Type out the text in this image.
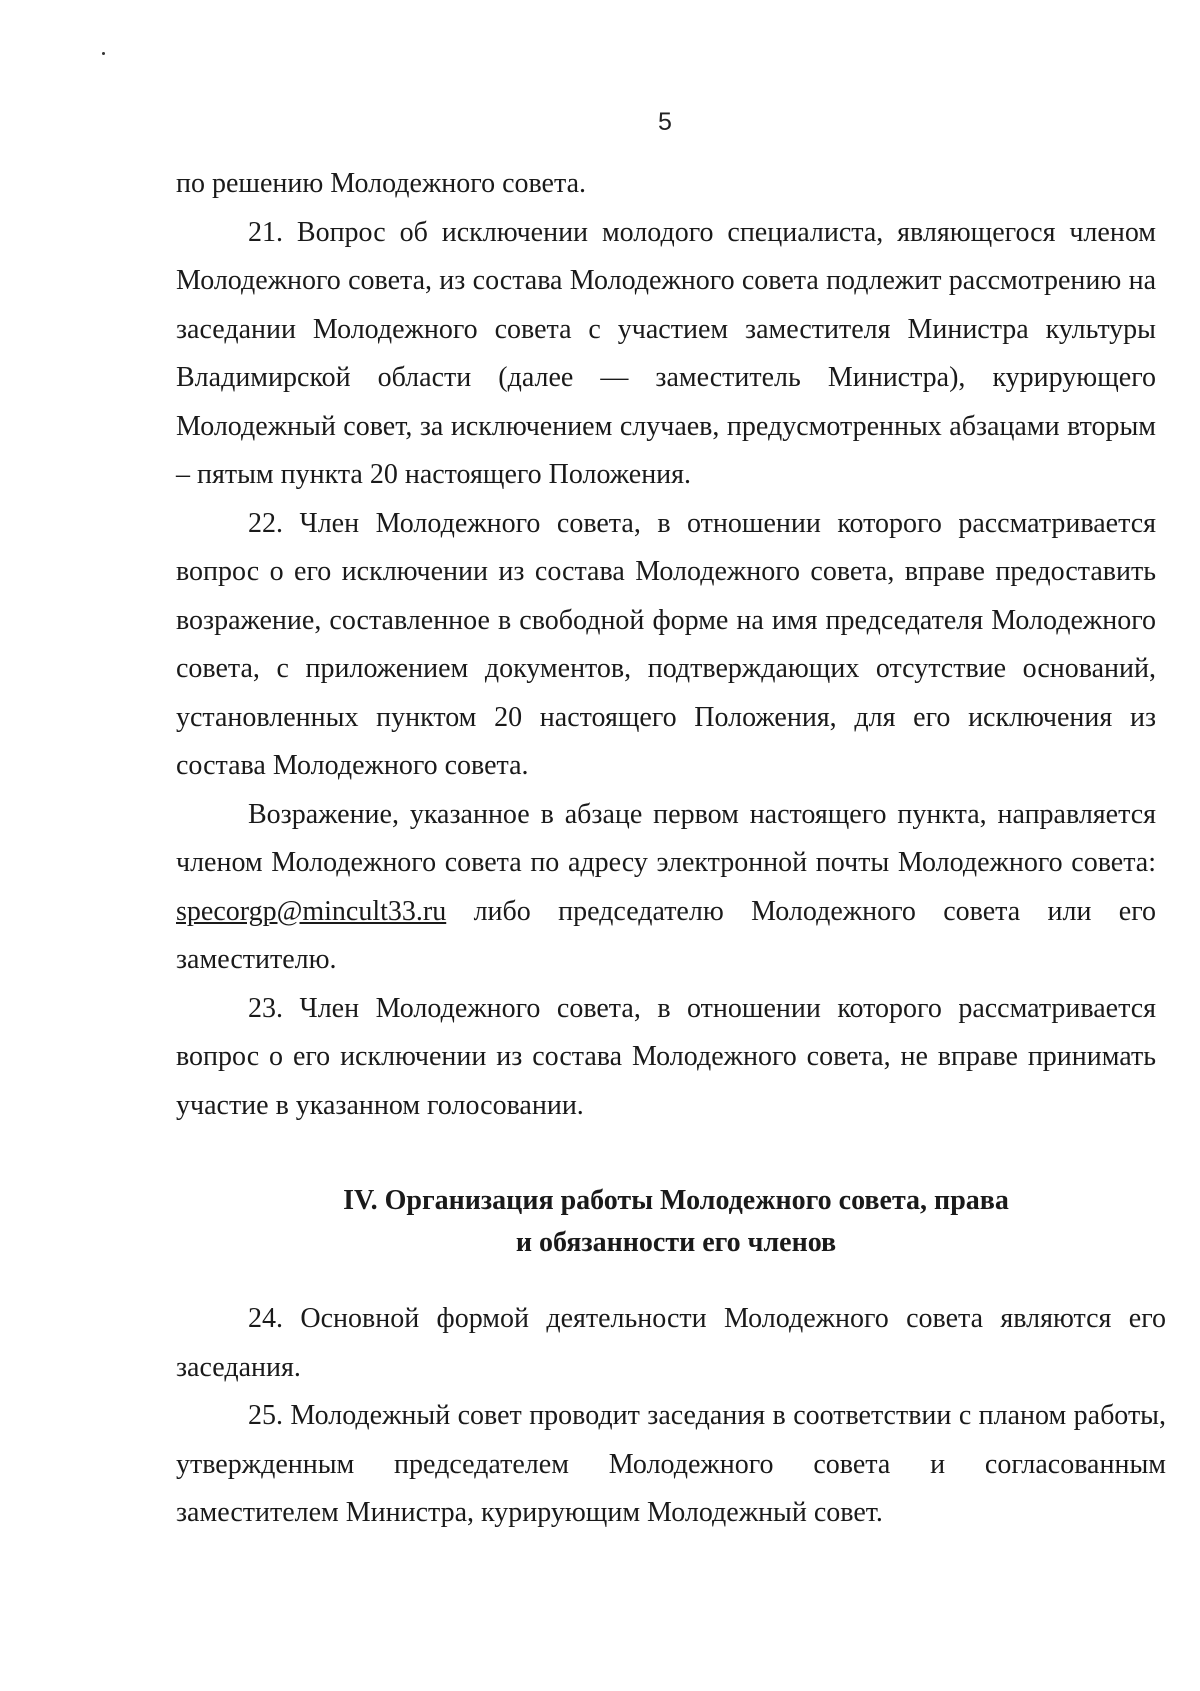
5

по решению Молодежного совета.

21. Вопрос об исключении молодого специалиста, являющегося членом Молодежного совета, из состава Молодежного совета подлежит рассмотрению на заседании Молодежного совета с участием заместителя Министра культуры Владимирской области (далее — заместитель Министра), курирующего Молодежный совет, за исключением случаев, предусмотренных абзацами вторым – пятым пункта 20 настоящего Положения.

22. Член Молодежного совета, в отношении которого рассматривается вопрос о его исключении из состава Молодежного совета, вправе предоставить возражение, составленное в свободной форме на имя председателя Молодежного совета, с приложением документов, подтверждающих отсутствие оснований, установленных пунктом 20 настоящего Положения, для его исключения из состава Молодежного совета.

Возражение, указанное в абзаце первом настоящего пункта, направляется членом Молодежного совета по адресу электронной почты Молодежного совета: specorgp@mincult33.ru либо председателю Молодежного совета или его заместителю.

23. Член Молодежного совета, в отношении которого рассматривается вопрос о его исключении из состава Молодежного совета, не вправе принимать участие в указанном голосовании.

IV. Организация работы Молодежного совета, права
и обязанности его членов

24. Основной формой деятельности Молодежного совета являются его заседания.

25. Молодежный совет проводит заседания в соответствии с планом работы, утвержденным председателем Молодежного совета и согласованным заместителем Министра, курирующим Молодежный совет.
